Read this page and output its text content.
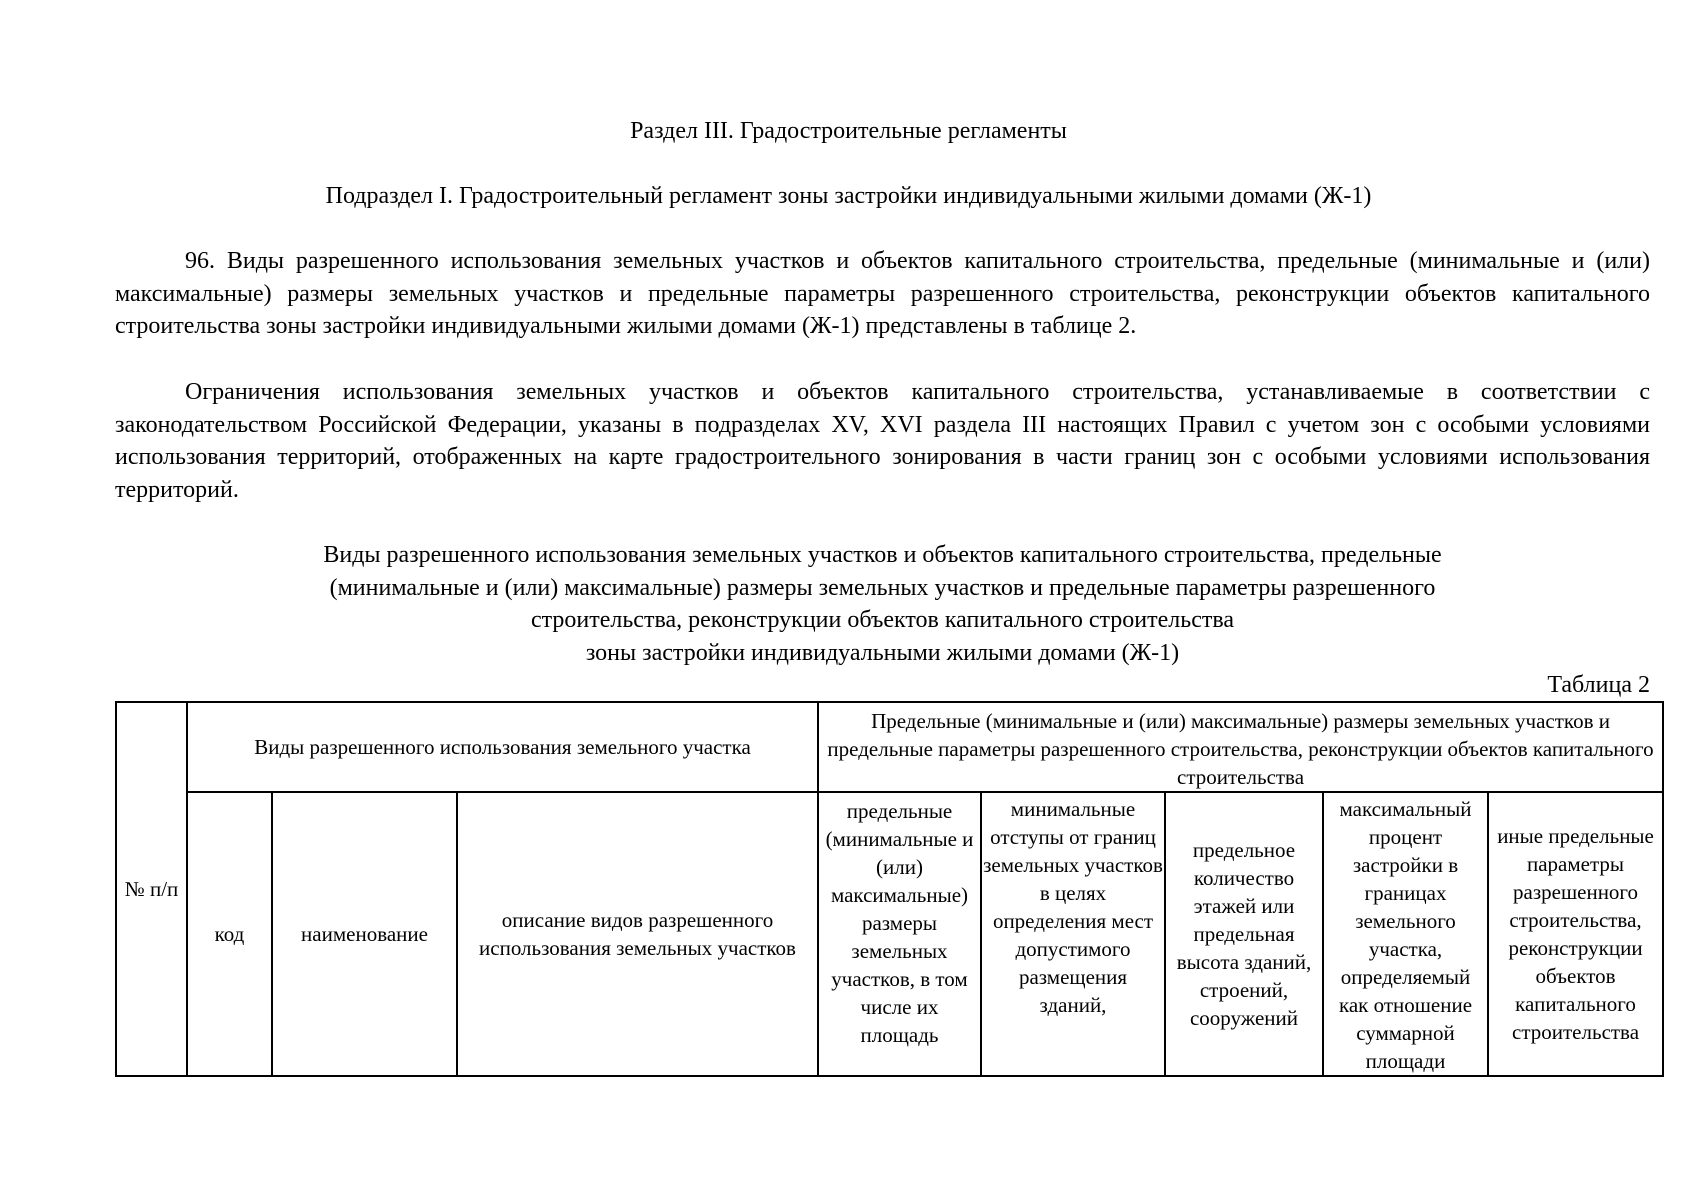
Раздел III. Градостроительные регламенты
Подраздел I. Градостроительный регламент зоны застройки индивидуальными жилыми домами (Ж-1)
96. Виды разрешенного использования земельных участков и объектов капитального строительства, предельные (минимальные и (или) максимальные) размеры земельных участков и предельные параметры разрешенного строительства, реконструкции объектов капитального строительства зоны застройки индивидуальными жилыми домами (Ж-1) представлены в таблице 2.
Ограничения использования земельных участков и объектов капитального строительства, устанавливаемые в соответствии с законодательством Российской Федерации, указаны в подразделах XV, XVI раздела III настоящих Правил с учетом зон с особыми условиями использования территорий, отображенных на карте градостроительного зонирования в части границ зон с особыми условиями использования территорий.
Виды разрешенного использования земельных участков и объектов капитального строительства, предельные
(минимальные и (или) максимальные) размеры земельных участков и предельные параметры разрешенного
строительства, реконструкции объектов капитального строительства
зоны застройки индивидуальными жилыми домами (Ж-1)
Таблица 2
№ п/п	Виды разрешенного использования земельного участка			Предельные (минимальные и (или) максимальные) размеры земельных участков и предельные параметры разрешенного строительства, реконструкции объектов капитального строительства				
	код	наименование	описание видов разрешенного использования земельных участков	предельные (минимальные и (или) максимальные) размеры земельных участков, в том числе их площадь	минимальные отступы от границ земельных участков в целях определения мест допустимого размещения зданий,	предельное количество этажей или предельная высота зданий, строений, сооружений	максимальный процент застройки в границах земельного участка, определяемый как отношение суммарной площади	иные предельные параметры разрешенного строительства, реконструкции объектов капитального строительства
